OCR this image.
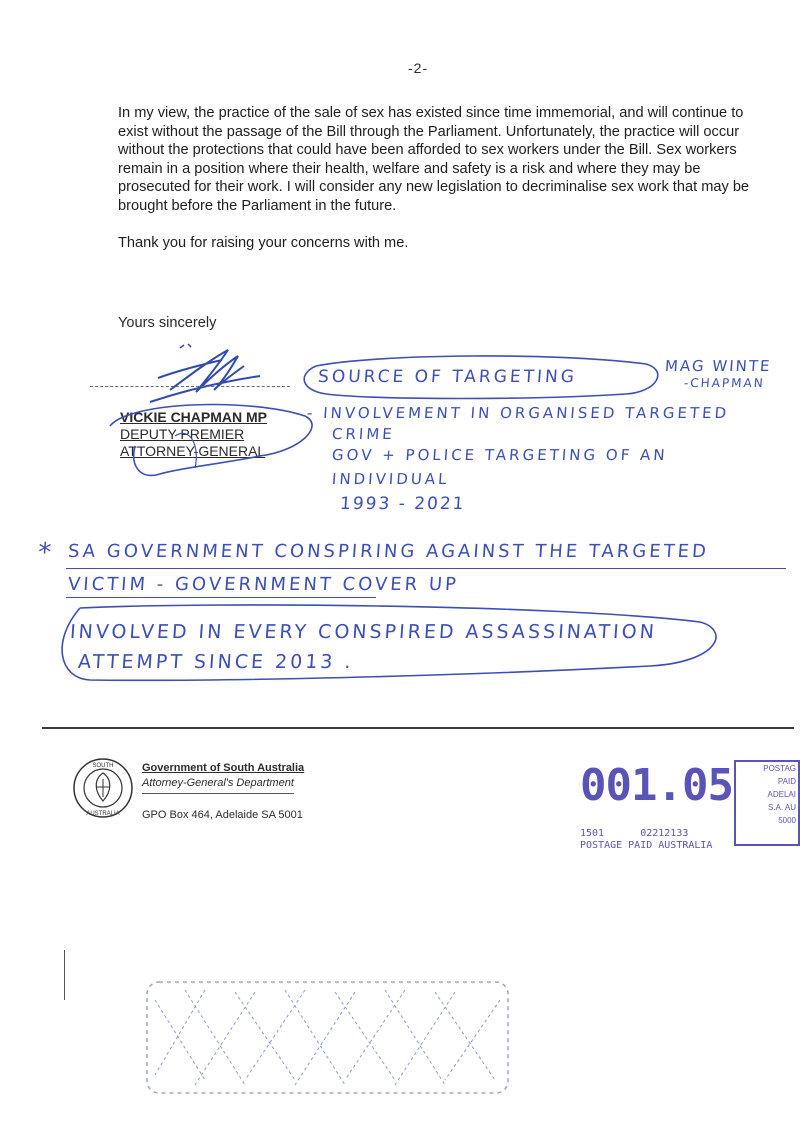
-2-

In my view, the practice of the sale of sex has existed since time immemorial, and will continue to exist without the passage of the Bill through the Parliament. Unfortunately, the practice will occur without the protections that could have been afforded to sex workers under the Bill. Sex workers remain in a position where their health, welfare and safety is a risk and where they may be prosecuted for their work. I will consider any new legislation to decriminalise sex work that may be brought before the Parliament in the future.

Thank you for raising your concerns with me.

Yours sincerely
VICKIE CHAPMAN MP
DEPUTY PREMIER
ATTORNEY-GENERAL
SOURCE OF TARGETING
MAG WINTE
-CHAPMAN
- INVOLVEMENT IN ORGANISED TARGETED
CRIME
GOV + POLICE TARGETING OF AN
INDIVIDUAL
1993 - 2021
* SA GOVERNMENT CONSPIRING AGAINST THE TARGETED
VICTIM - GOVERNMENT COVER UP
INVOLVED IN EVERY CONSPIRED ASSASSINATION
ATTEMPT SINCE 2013 .
SOUTH
AUSTRALIA
Government of South Australia
Attorney-General's Department
GPO Box 464, Adelaide SA 5001
001.05
1501      02212133
POSTAGE PAID AUSTRALIA
POSTAG
PAID
ADELAI
S.A. AU
5000
